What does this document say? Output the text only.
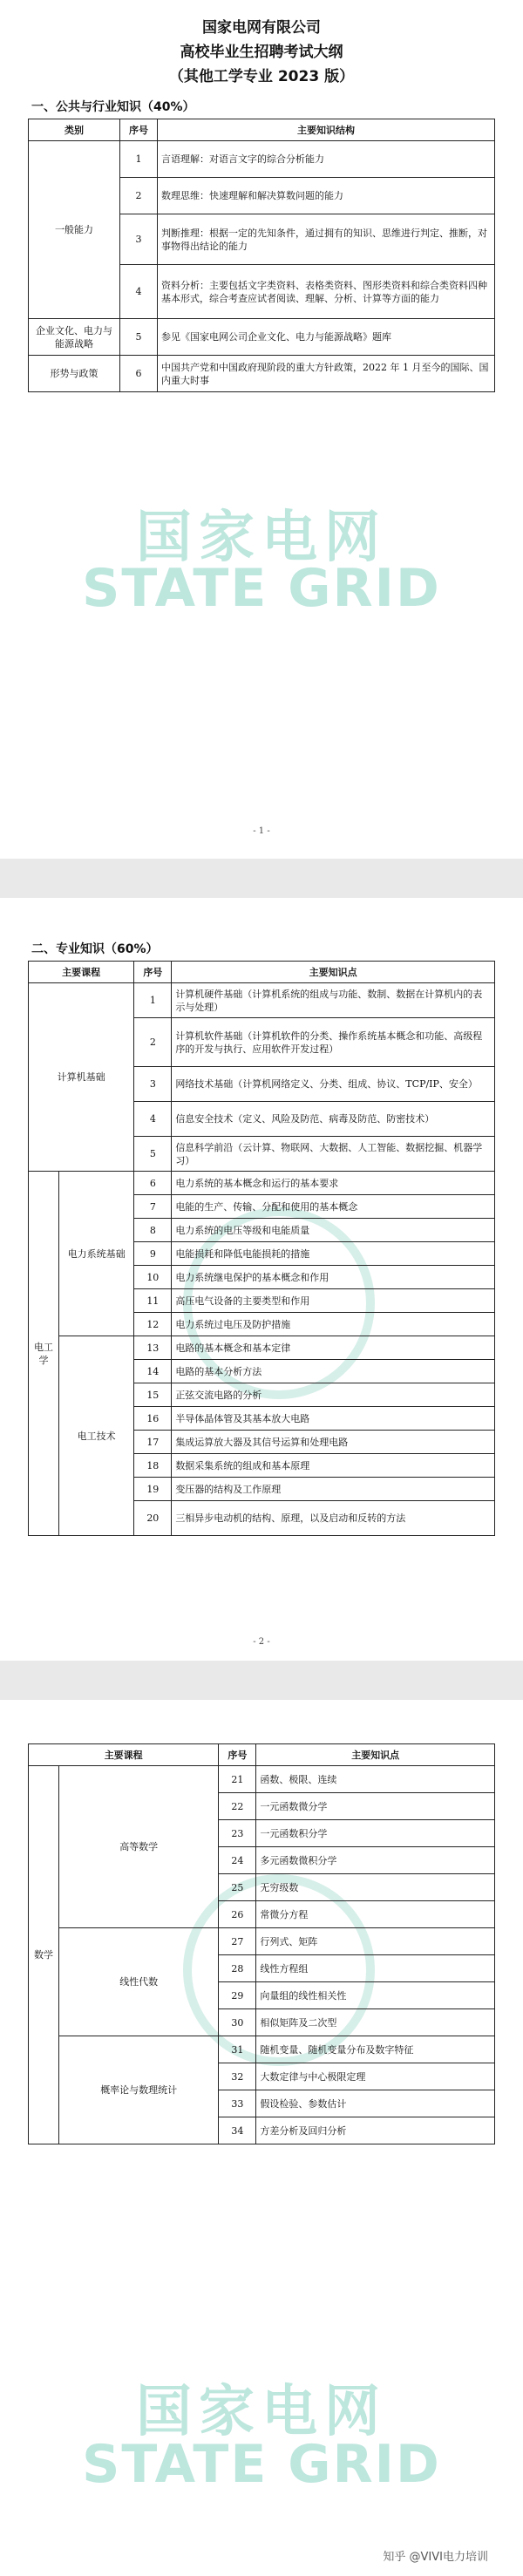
国家电网有限公司
高校毕业生招聘考试大纲
（其他工学专业 2023 版）
一、公共与行业知识（40%）
类别	序号	主要知识结构
一般能力	1	言语理解：对语言文字的综合分析能力
	2	数理思维：快速理解和解决算数问题的能力
	3	判断推理：根据一定的先知条件，通过拥有的知识、思维进行判定、推断，对事物得出结论的能力
	4	资料分析：主要包括文字类资料、表格类资料、图形类资料和综合类资料四种基本形式，综合考查应试者阅读、理解、分析、计算等方面的能力
企业文化、电力与能源战略	5	参见《国家电网公司企业文化、电力与能源战略》题库
形势与政策	6	中国共产党和中国政府现阶段的重大方针政策，2022 年 1 月至今的国际、国内重大时事
国家电网
STATE GRID
- 1 -
二、专业知识（60%）
主要课程		序号	主要知识点
计算机基础		1	计算机硬件基础（计算机系统的组成与功能、数制、数据在计算机内的表示与处理）
		2	计算机软件基础（计算机软件的分类、操作系统基本概念和功能、高级程序的开发与执行、应用软件开发过程）
		3	网络技术基础（计算机网络定义、分类、组成、协议、TCP/IP、安全）
		4	信息安全技术（定义、风险及防范、病毒及防范、防密技术）
		5	信息科学前沿（云计算、物联网、大数据、人工智能、数据挖掘、机器学习）
电工学	电力系统基础	6	电力系统的基本概念和运行的基本要求
		7	电能的生产、传输、分配和使用的基本概念
		8	电力系统的电压等级和电能质量
		9	电能损耗和降低电能损耗的措施
		10	电力系统继电保护的基本概念和作用
		11	高压电气设备的主要类型和作用
		12	电力系统过电压及防护措施
	电工技术	13	电路的基本概念和基本定律
		14	电路的基本分析方法
		15	正弦交流电路的分析
		16	半导体晶体管及其基本放大电路
		17	集成运算放大器及其信号运算和处理电路
		18	数据采集系统的组成和基本原理
		19	变压器的结构及工作原理
		20	三相异步电动机的结构、原理，以及启动和反转的方法
- 2 -
主要课程		序号	主要知识点
数学	高等数学	21	函数、极限、连续
		22	一元函数微分学
		23	一元函数积分学
		24	多元函数微积分学
		25	无穷级数
		26	常微分方程
	线性代数	27	行列式、矩阵
		28	线性方程组
		29	向量组的线性相关性
		30	相似矩阵及二次型
	概率论与数理统计	31	随机变量、随机变量分布及数字特征
		32	大数定律与中心极限定理
		33	假设检验、参数估计
		34	方差分析及回归分析
国家电网
STATE GRID
知乎 @VIVI电力培训
